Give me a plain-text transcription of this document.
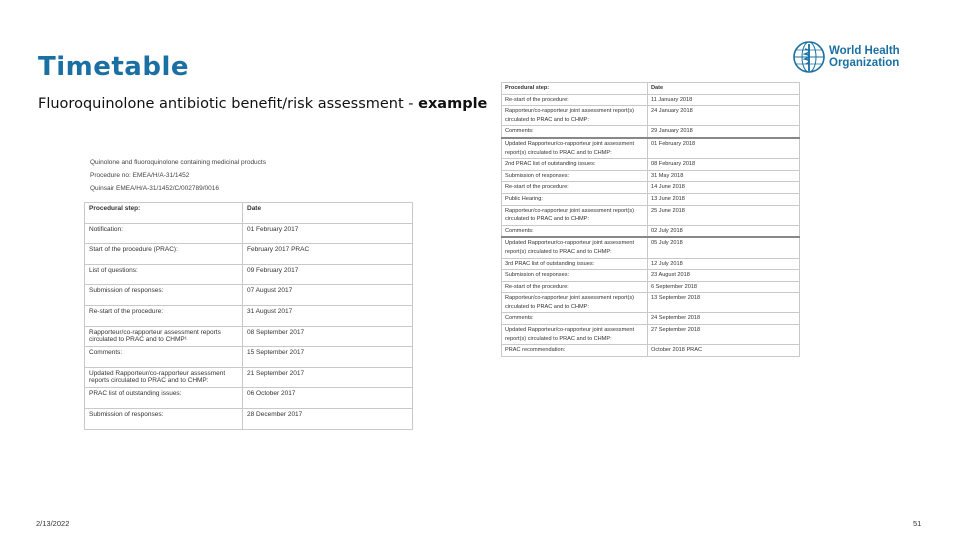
Timetable
Fluoroquinolone antibiotic benefit/risk assessment - example
World Health
Organization
Quinolone and fluoroquinolone containing medicinal products
Procedure no: EMEA/H/A-31/1452
Quinsair EMEA/H/A-31/1452/C/002789/0016
Procedural step:	Date
Notification:	01 February 2017
Start of the procedure (PRAC):	February 2017 PRAC
List of questions:	09 February 2017
Submission of responses:	07 August 2017
Re-start of the procedure:	31 August 2017
Rapporteur/co-rapporteur assessment reports circulated to PRAC and to CHMP¹	08 September 2017
Comments:	15 September 2017
Updated Rapporteur/co-rapporteur assessment reports circulated to PRAC and to CHMP:	21 September 2017
PRAC list of outstanding issues:	06 October 2017
Submission of responses:	28 December 2017
Procedural step:	Date
Re-start of the procedure:	11 January 2018
Rapporteur/co-rapporteur joint assessment report(s) circulated to PRAC and to CHMP:	24 January 2018
Comments:	29 January 2018
Updated Rapporteur/co-rapporteur joint assessment report(s) circulated to PRAC and to CHMP:	01 February 2018
2nd PRAC list of outstanding issues:	08 February 2018
Submission of responses:	31 May 2018
Re-start of the procedure:	14 June 2018
Public Hearing:	13 June 2018
Rapporteur/co-rapporteur joint assessment report(s) circulated to PRAC and to CHMP:	25 June 2018
Comments:	02 July 2018
Updated Rapporteur/co-rapporteur joint assessment report(s) circulated to PRAC and to CHMP:	05 July 2018
3rd PRAC list of outstanding issues:	12 July 2018
Submission of responses:	23 August 2018
Re-start of the procedure:	6 September 2018
Rapporteur/co-rapporteur joint assessment report(s) circulated to PRAC and to CHMP:	13 September 2018
Comments:	24 September 2018
Updated Rapporteur/co-rapporteur joint assessment report(s) circulated to PRAC and to CHMP:	27 September 2018
PRAC recommendation:	October 2018 PRAC
2/13/2022	51
